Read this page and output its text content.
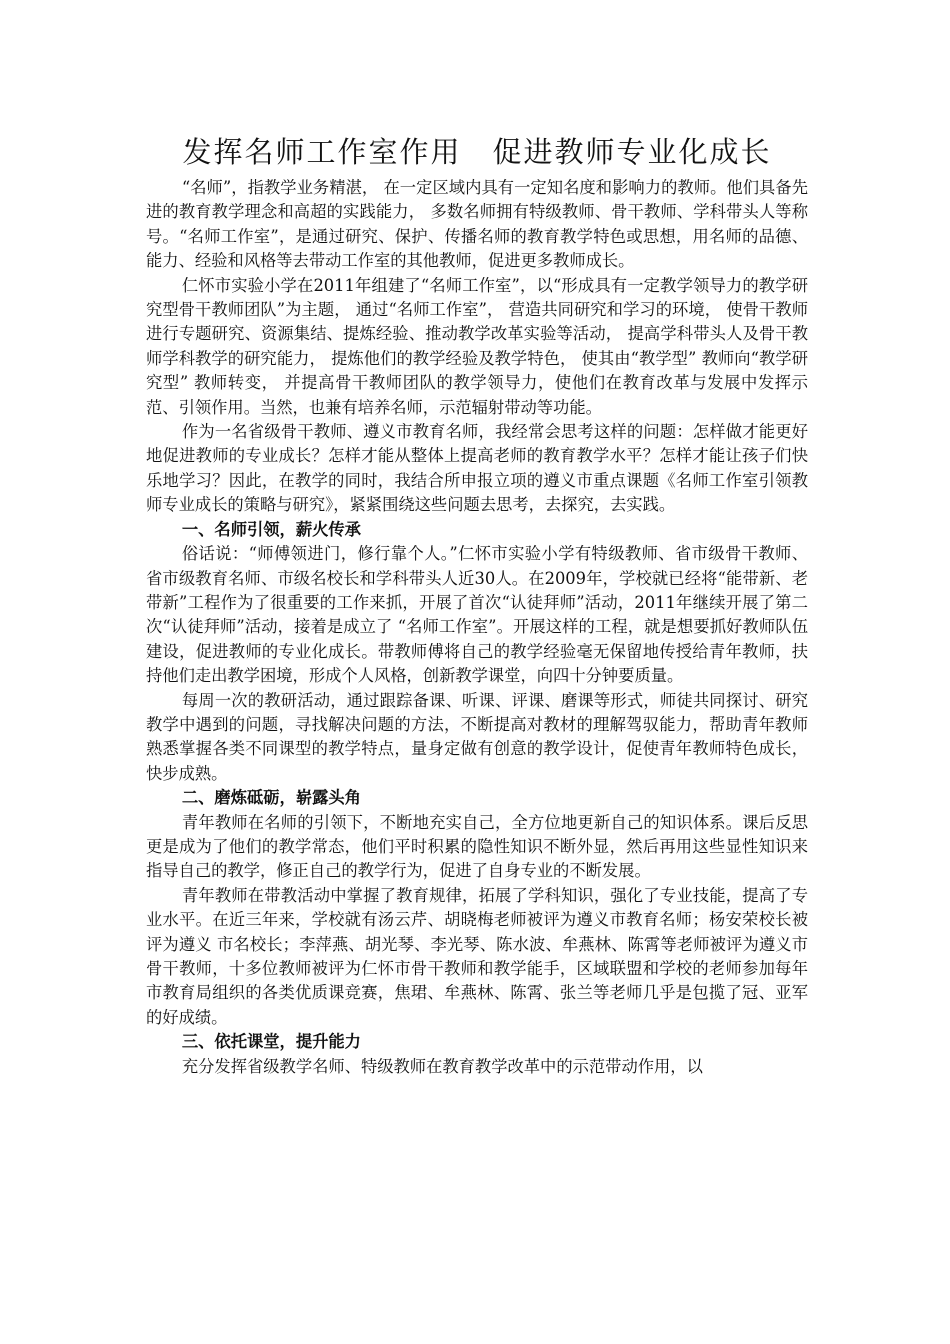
发挥名师工作室作用　促进教师专业化成长

“名师”，指教学业务精湛， 在一定区域内具有一定知名度和影响力的教师。他们具备先进的教育教学理念和高超的实践能力， 多数名师拥有特级教师、骨干教师、学科带头人等称号。“名师工作室”，是通过研究、保护、传播名师的教育教学特色或思想，用名师的品德、能力、经验和风格等去带动工作室的其他教师，促进更多教师成长。

仁怀市实验小学在2011年组建了“名师工作室”，以“形成具有一定教学领导力的教学研究型骨干教师团队”为主题， 通过“名师工作室”， 营造共同研究和学习的环境， 使骨干教师进行专题研究、资源集结、提炼经验、推动教学改革实验等活动， 提高学科带头人及骨干教师学科教学的研究能力， 提炼他们的教学经验及教学特色， 使其由“教学型” 教师向“教学研究型” 教师转变， 并提高骨干教师团队的教学领导力，使他们在教育改革与发展中发挥示范、引领作用。当然，也兼有培养名师，示范辐射带动等功能。

作为一名省级骨干教师、遵义市教育名师，我经常会思考这样的问题：怎样做才能更好地促进教师的专业成长？怎样才能从整体上提高老师的教育教学水平？怎样才能让孩子们快乐地学习？因此，在教学的同时，我结合所申报立项的遵义市重点课题《名师工作室引领教师专业成长的策略与研究》，紧紧围绕这些问题去思考，去探究，去实践。

一、名师引领，薪火传承

俗话说：“师傅领进门，修行靠个人。”仁怀市实验小学有特级教师、省市级骨干教师、省市级教育名师、市级名校长和学科带头人近30人。在2009年，学校就已经将“能带新、老带新”工程作为了很重要的工作来抓，开展了首次“认徒拜师”活动，2011年继续开展了第二次“认徒拜师”活动，接着是成立了 “名师工作室”。开展这样的工程，就是想要抓好教师队伍建设，促进教师的专业化成长。带教师傅将自己的教学经验毫无保留地传授给青年教师，扶持他们走出教学困境，形成个人风格，创新教学课堂，向四十分钟要质量。

每周一次的教研活动，通过跟踪备课、听课、评课、磨课等形式，师徒共同探讨、研究教学中遇到的问题，寻找解决问题的方法，不断提高对教材的理解驾驭能力，帮助青年教师熟悉掌握各类不同课型的教学特点，量身定做有创意的教学设计，促使青年教师特色成长，快步成熟。

二、磨炼砥砺，崭露头角

青年教师在名师的引领下，不断地充实自己，全方位地更新自己的知识体系。课后反思更是成为了他们的教学常态，他们平时积累的隐性知识不断外显，然后再用这些显性知识来指导自己的教学，修正自己的教学行为，促进了自身专业的不断发展。

青年教师在带教活动中掌握了教育规律，拓展了学科知识，强化了专业技能，提高了专业水平。在近三年来，学校就有汤云芹、胡晓梅老师被评为遵义市教育名师；杨安荣校长被评为遵义 市名校长；李萍燕、胡光琴、李光琴、陈水波、牟燕林、陈霄等老师被评为遵义市骨干教师，十多位教师被评为仁怀市骨干教师和教学能手，区域联盟和学校的老师参加每年市教育局组织的各类优质课竞赛，焦珺、牟燕林、陈霄、张兰等老师几乎是包揽了冠、亚军的好成绩。

三、依托课堂，提升能力

充分发挥省级教学名师、特级教师在教育教学改革中的示范带动作用，以
